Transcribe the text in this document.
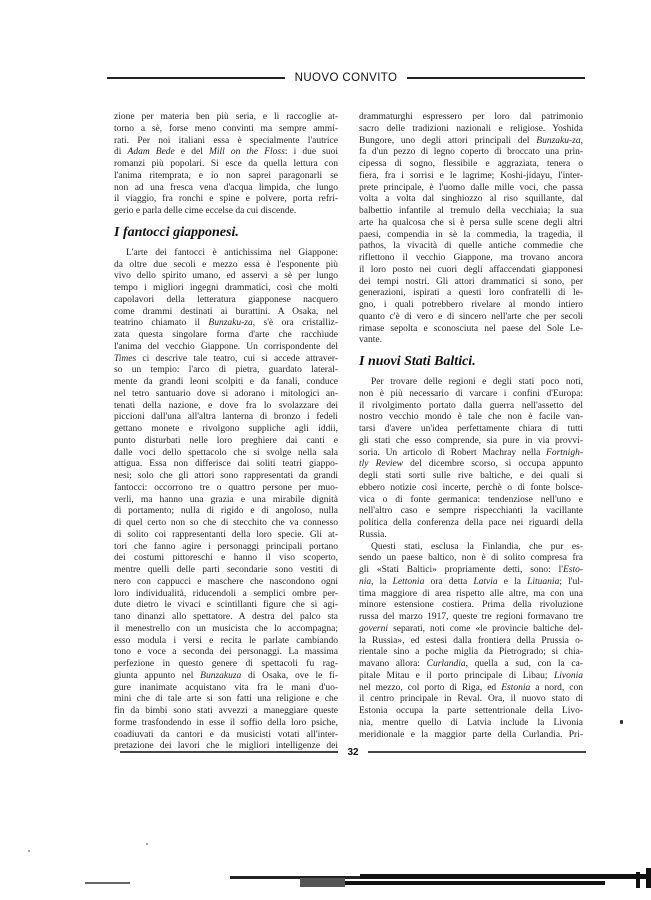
NUOVO CONVITO
zione per materia ben più seria, e li raccoglie at-
torno a sè, forse meno convinti ma sempre ammi-
rati. Per noi italiani essa è specialmente l'autrice
di Adam Bede e del Mill on the Floss: i due suoi
romanzi più popolari. Si esce da quella lettura con
l'anima ritemprata, e io non saprei paragonarli se
non ad una fresca vena d'acqua limpida, che lungo
il viaggio, fra ronchi e spine e polvere, porta refri-
gerio e parla delle cime eccelse da cui discende.
I fantocci giapponesi.
L'arte dei fantocci è antichissima nel Giappone:
da oltre due secoli e mezzo essa è l'esponente più
vivo dello spirito umano, ed asservì a sè per lungo
tempo i migliori ingegni drammatici, così che molti
capolavori della letteratura giapponese nacquero
come drammi destinati ai burattini. A Osaka, nel
teatrino chiamato il Bunzaku-za, s'è ora cristalliz-
zata questa singolare forma d'arte che racchiude
l'anima del vecchio Giappone. Un corrispondente del
Times ci descrive tale teatro, cui si accede attraver-
so un tempio: l'arco di pietra, guardato lateral-
mente da grandi leoni scolpiti e da fanali, conduce
nel tetro santuario dove si adorano i mitologici an-
tenati della nazione, e dove fra lo svolazzare dei
piccioni dall'una all'altra lanterna di bronzo i fedeli
gettano monete e rivolgono suppliche agli iddii,
punto disturbati nelle loro preghiere dai canti e
dalle voci dello spettacolo che si svolge nella sala
attigua. Essa non differisce dai soliti teatri giappo-
nesi; solo che gli attori sono rappresentati da grandi
fantocci: occorrono tre o quattro persone per muo-
verli, ma hanno una grazia e una mirabile dignità
di portamento; nulla di rigido e di angoloso, nulla
di quel certo non so che di stecchito che va connesso
di solito coi rappresentanti della loro specie. Gli at-
tori che fanno agire i personaggi principali portano
dei costumi pittoreschi e hanno il viso scoperto,
mentre quelli delle parti secondarie sono vestiti di
nero con cappucci e maschere che nascondono ogni
loro individualità, riducendoli a semplici ombre per-
dute dietro le vivaci e scintillanti figure che si agi-
tano dinanzi allo spettatore. A destra del palco sta
il menestrello con un musicista che lo accompagna;
esso modula i versi e recita le parlate cambiando
tono e voce a seconda dei personaggi. La massima
perfezione in questo genere di spettacoli fu rag-
giunta appunto nel Bunzakuza di Osaka, ove le fi-
gure inanimate acquistano vita fra le mani d'uo-
mini che di tale arte si son fatti una religione e che
fin da bimbi sono stati avvezzi a maneggiare queste
forme trasfondendo in esse il soffio della loro psiche,
coadiuvati da cantori e da musicisti votati all'inter-
pretazione dei lavori che le migliori intelligenze dei
drammaturghi espressero per loro dal patrimonio
sacro delle tradizioni nazionali e religiose. Yoshida
Bungore, uno degli attori principali del Bunzaku-za,
fa d'un pezzo di legno coperto di broccato una prin-
cipessa di sogno, flessibile e aggraziata, tenera o
fiera, fra i sorrisi e le lagrime; Koshi-jidayu, l'inter-
prete principale, è l'uomo dalle mille voci, che passa
volta a volta dal singhiozzo al riso squillante, dal
balbettio infantile al tremulo della vecchiaia; la sua
arte ha qualcosa che si è persa sulle scene degli altri
paesi, compendia in sè la commedia, la tragedia, il
pathos, la vivacità di quelle antiche commedie che
riflettono il vecchio Giappone, ma trovano ancora
il loro posto nei cuori degli affaccendati giapponesi
dei tempi nostri. Gli attori drammatici si sono, per
generazioni, ispirati a questi loro confratelli di le-
gno, i quali potrebbero rivelare al mondo intiero
quanto c'è di vero e di sincero nell'arte che per secoli
rimase sepolta e sconosciuta nel paese del Sole Le-
vante.
I nuovi Stati Baltici.
Per trovare delle regioni e degli stati poco noti,
non è più necessario di varcare i confini d'Europa:
il rivolgimento portato dalla guerra nell'assetto del
nostro vecchio mondo è tale che non è facile van-
tarsi d'avere un'idea perfettamente chiara di tutti
gli stati che esso comprende, sia pure in via provvi-
soria. Un articolo di Robert Machray nella Fortnigh-
tly Review del dicembre scorso, si occupa appunto
degli stati sorti sulle rive baltiche, e dei quali si
ebbero notizie così incerte, perchè o di fonte bolsce-
vica o di fonte germanica: tendenziose nell'uno e
nell'altro caso e sempre rispecchianti la vacillante
politica della conferenza della pace nei riguardi della
Russia.
Questi stati, esclusa la Finlandia, che pur es-
sendo un paese baltico, non è di solito compresa fra
gli «Stati Baltici» propriamente detti, sono: l'Esto-
nia, la Lettonia ora detta Latvia e la Lituania; l'ul-
tima maggiore di area rispetto alle altre, ma con una
minore estensione costiera. Prima della rivoluzione
russa del marzo 1917, queste tre regioni formavano tre
governi separati, noti come «le provincie baltiche del-
la Russia», ed estesi dalla frontiera della Prussia o-
rientale sino a poche miglia da Pietrogrado; si chia-
mavano allora: Curlandia, quella a sud, con la ca-
pitale Mitau e il porto principale di Libau; Livonia
nel mezzo, col porto di Riga, ed Estonia a nord, con
il centro principale in Reval. Ora, il nuovo stato di
Estonia occupa la parte settentrionale della Livo-
nia, mentre quello di Latvia include la Livonia
meridionale e la maggior parte della Curlandia. Pri-
32
